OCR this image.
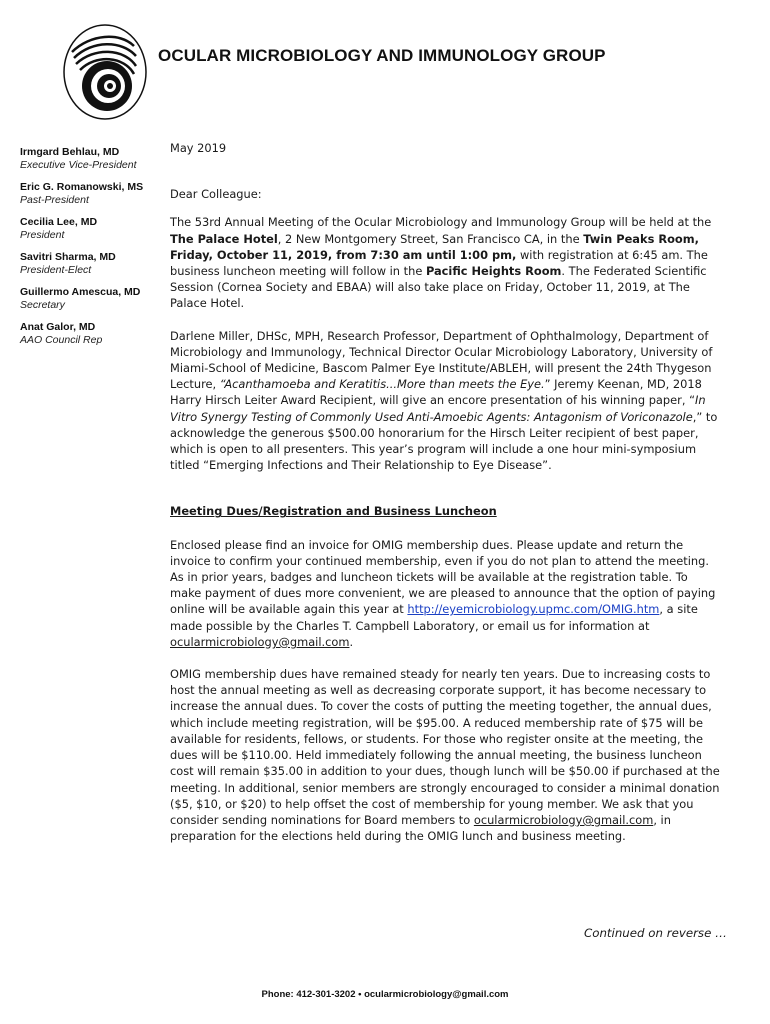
OCULAR MICROBIOLOGY AND IMMUNOLOGY GROUP
Irmgard Behlau, MD
Executive Vice-President
Eric G. Romanowski, MS
Past-President
Cecilia Lee, MD
President
Savitri Sharma, MD
President-Elect
Guillermo Amescua, MD
Secretary
Anat Galor, MD
AAO Council Rep

May 2019

Dear Colleague:

The 53rd Annual Meeting of the Ocular Microbiology and Immunology Group will be held at the The Palace Hotel, 2 New Montgomery Street, San Francisco CA, in the Twin Peaks Room, Friday, October 11, 2019, from 7:30 am until 1:00 pm, with registration at 6:45 am. The business luncheon meeting will follow in the Pacific Heights Room. The Federated Scientific Session (Cornea Society and EBAA) will also take place on Friday, October 11, 2019, at The Palace Hotel.

Darlene Miller, DHSc, MPH, Research Professor, Department of Ophthalmology, Department of Microbiology and Immunology, Technical Director Ocular Microbiology Laboratory, University of Miami-School of Medicine, Bascom Palmer Eye Institute/ABLEH, will present the 24th Thygeson Lecture, “Acanthamoeba and Keratitis...More than meets the Eye.” Jeremy Keenan, MD, 2018 Harry Hirsch Leiter Award Recipient, will give an encore presentation of his winning paper, “In Vitro Synergy Testing of Commonly Used Anti-Amoebic Agents: Antagonism of Voriconazole,” to acknowledge the generous $500.00 honorarium for the Hirsch Leiter recipient of best paper, which is open to all presenters. This year’s program will include a one hour mini-symposium titled “Emerging Infections and Their Relationship to Eye Disease”.

Meeting Dues/Registration and Business Luncheon

Enclosed please find an invoice for OMIG membership dues. Please update and return the invoice to confirm your continued membership, even if you do not plan to attend the meeting. As in prior years, badges and luncheon tickets will be available at the registration table. To make payment of dues more convenient, we are pleased to announce that the option of paying online will be available again this year at http://eyemicrobiology.upmc.com/OMIG.htm, a site made possible by the Charles T. Campbell Laboratory, or email us for information at ocularmicrobiology@gmail.com.

OMIG membership dues have remained steady for nearly ten years. Due to increasing costs to host the annual meeting as well as decreasing corporate support, it has become necessary to increase the annual dues. To cover the costs of putting the meeting together, the annual dues, which include meeting registration, will be $95.00. A reduced membership rate of $75 will be available for residents, fellows, or students. For those who register onsite at the meeting, the dues will be $110.00. Held immediately following the annual meeting, the business luncheon cost will remain $35.00 in addition to your dues, though lunch will be $50.00 if purchased at the meeting. In additional, senior members are strongly encouraged to consider a minimal donation ($5, $10, or $20) to help offset the cost of membership for young member. We ask that you consider sending nominations for Board members to ocularmicrobiology@gmail.com, in preparation for the elections held during the OMIG lunch and business meeting.

Continued on reverse …
Phone: 412-301-3202 • ocularmicrobiology@gmail.com
